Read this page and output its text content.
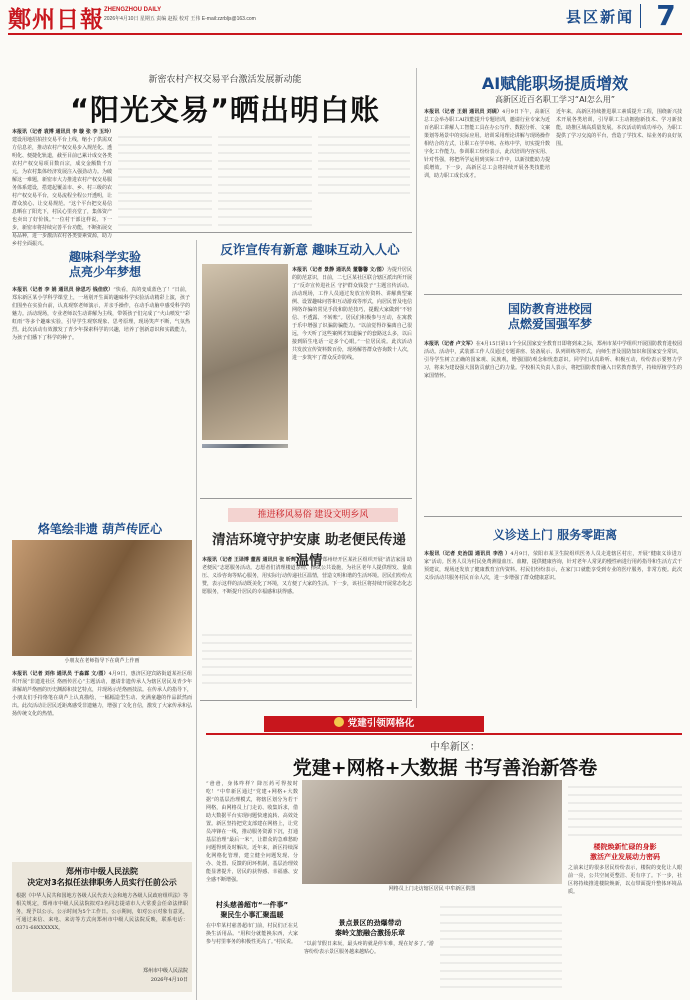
鄭州日報 ZHENGZHOU DAILY
2026年4月10日 星期五 责编 赵振 校对 王伟 E-mail:zzrbljs@163.com	县区新闻 7
新密农村产权交易平台激活发展新动能
“阳光交易”晒出明白账
本报讯（记者 袁博 通讯员 李 璇 张 李 玉玲）建设用地招拍挂交易平台上线，缩小了供需双方信息差，推动农村产权交易步入规范化、透明化、便捷化轨道，截至目前已累计成交各类农村产权交易项目数百宗，成交金额数千万元，为农村集体经济发展注入强劲动力。为破解这一难题，新密市大力推进农村产权交易服务体系建设，搭建起覆盖市、乡、村三级的农村产权交易平台，交易流程全程公开透明，让群众放心、让交易规范。“这个平台把交易信息晒在了阳光下，村民心里亮堂了，集体资产也卖出了好价钱。”一位村干部这样说。下一步，新密市将持续完善平台功能，不断拓展交易品种，进一步激活农村各类要素资源，助力乡村全面振兴。
AI赋能职场提质增效
高新区近百名职工学习“AI怎么用”
本报讯（记者 王娟 通讯员 刘砚）4月9日下午，高新区总工会举办职工AI技能提升专题培训，邀请行业专家为近百名职工讲解人工智能工具在办公写作、数据分析、文案策划等场景中的实际应用。培训采用理论讲解与现场操作相结合的方式，让职工在学中练、在练中学，切实提升数字化工作能力。参训职工纷纷表示，此次培训内容实用、针对性强，将把所学运用到实际工作中，以新技能助力提质增效。下一步，高新区总工会将持续开展各类技能培训，助力职工成长成才。
近年来，高新区持续推进职工素质提升工程，围绕新兴技术开展各类培训，引导职工主动拥抱新技术、学习新技能，助推区域高质量发展。本次活动的成功举办，为职工提供了学习交流的平台，营造了学技术、钻业务的良好氛围。
趣味科学实验
点亮少年梦想
本报讯（记者 李 娟 通讯员 徐思巧 钱佳欣）“快看，真的变成蓝色了！”日前，郑东新区某小学科学课堂上，一场别开生面的趣味科学实验活动精彩上演，孩子们围坐在实验台前，认真观察老师演示，并亲手操作，在动手动脑中感受科学的魅力。活动现场，专业老师以生动讲解为主线，带领孩子们完成了“火山喷发”“彩虹雨”等多个趣味实验，引导学生观察现象、思考原理，现场笑声不断，气氛热烈。此次活动有效激发了青少年探索科学的兴趣，培养了创新意识和实践能力，为孩子们播下了科学的种子。
反诈宣传有新意 趣味互动入人心
本报讯（记者 景静 通讯员 董馨馨 文/图）为提升居民的防范意识，日前，二七区某社区联合辖区派出所开展了“反诈宣传进社区 守护群众钱袋子”主题宣传活动。活动现场，工作人员通过发放宣传资料、讲解典型案例、设置趣味问答和互动游戏等形式，向居民普及电信网络诈骗的常见手段和防范技巧，提醒大家做到“不轻信、不透露、不转账”。居民们积极参与互动，在寓教于乐中增强了识骗防骗能力。“以前觉得诈骗离自己很远，今天听了这些案例才知道骗子的套路这么多，以后接到陌生电话一定多个心眼。”一位居民说。此次活动共发放宣传资料数百份，现场解答群众咨询数十人次，进一步筑牢了群众反诈防线。
国防教育进校园
点燃爱国强军梦
本报讯（记者 卢文军）在4月15日第11个全民国家安全教育日即将到来之际，郑州市某中学组织开展国防教育进校园活动。活动中，武装部工作人员通过专题讲座、装备展示、队列训练等形式，向师生普及国防知识和国家安全常识，引导学生树立正确的国家观、民族观，增强国防观念和忧患意识。同学们认真聆听、积极互动，纷纷表示要努力学习，将来为建设强大国防贡献自己的力量。学校相关负责人表示，将把国防教育融入日常教育教学，持续厚植学生的家国情怀。
烙笔绘非遗 葫芦传匠心
小朋友在老师指导下在葫芦上作画
本报讯（记者 刘伟 通讯员 于淼霖 文/图）4月9日，惠济区迎宾路街道某社区组织开展“非遗进社区 烙画传匠心”主题活动，邀请非遗传承人为辖区居民及青少年讲解葫芦烙画的历史渊源和技艺特点，并现场示范烙画技法。在传承人的指导下，小朋友们手持烙笔在葫芦上认真描绘，一幅幅造型生动、充满童趣的作品跃然而出。此次活动让居民近距离感受非遗魅力，增强了文化自信，激发了大家传承和弘扬传统文化的热情。
推进移风易俗 建设文明乡风
清洁环境守护安康 助老便民传递温情
本报讯（记者 王译博 董茜 通讯员 张 昕辉）4月9日，郑州经开区某社区组织开展“清洁家园 助老便民”志愿服务活动。志愿者们清理楼道杂物、擦拭公共设施，为社区老年人提供理发、量血压、义诊咨询等贴心服务，用实际行动传递社区温情，营造文明和谐的生活环境。居民们纷纷点赞，表示这样的活动既美化了环境，又方便了大家的生活。下一步，该社区将持续开展常态化志愿服务，不断提升居民的幸福感和获得感。
义诊送上门 服务零距离
本报讯（记者 史治国 通讯员 李浩 ）4月9日，荥阳市某卫生院组织医务人员走进辖区村庄，开展“健康义诊进万家”活动。医务人员为村民免费测量血压、血糖，提供健康咨询，针对老年人常见的慢性病进行用药指导和生活方式干预建议，现场还发放了健康教育宣传资料。村民们纷纷表示，在家门口就能享受到专业的医疗服务，非常方便。此次义诊活动共服务村民百余人次，进一步增强了群众健康意识。
党建引领网格化
中牟新区：
党建+网格+大数据 书写善治新答卷
“爸爸，身体咋样？降压药可得按时吃！”中牟新区通过“党建+网格+大数据”的基层治理模式，将辖区划分为若干网格，由网格员上门走访、收集诉求，借助大数据平台实现问题快速流转、高效处置。新区坚持把党支部建在网格上，让党员冲锋在一线，推动服务资源下沉，打通基层治理“最后一米”，让群众的急难愁盼问题得到及时解决。近年来，新区持续深化网格化管理，建立健全问题发现、分办、处置、反馈的闭环机制，基层治理效能显著提升，居民的获得感、幸福感、安全感不断增强。
网格员上门走访辖区居民 中牟新区供图
楼院焕新忙碌的身影
激活产业发展动力密码
之前来过的很多居民纷纷表示，楼院的变化让人眼前一亮，公共空间更整洁、更有序了。下一步，社区将持续推进楼院焕新，以点带面提升整体环境品质。
村头慈善超市“一件事”
聚民生小事汇聚温暖
在中牟某村慈善超市门前，村民们正在兑换生活用品。“用积分就能换东西，大家参与村里事务的积极性更高了。”村民说。
景点景区的劲爆带动
秦岭文旅融合激扬乐章
“以前节假日来玩，最头疼的就是停车难，现在好多了。”游客纷纷表示景区服务越来越贴心。
郑州市中级人民法院
决定对3名拟任法律职务人员实行任前公示
根据《中华人民共和国地方各级人民代表大会和地方各级人民政府组织法》等相关规定，郑州市中级人民法院拟对3名同志提请市人大常委会任命法律职务，现予以公示。公示时间为5个工作日。公示期间，如对公示对象有意见，可通过来信、来电、来访等方式向郑州市中级人民法院反映，联系电话：0371-68XXXXXX。
郑州市中级人民法院
2026年4月10日
